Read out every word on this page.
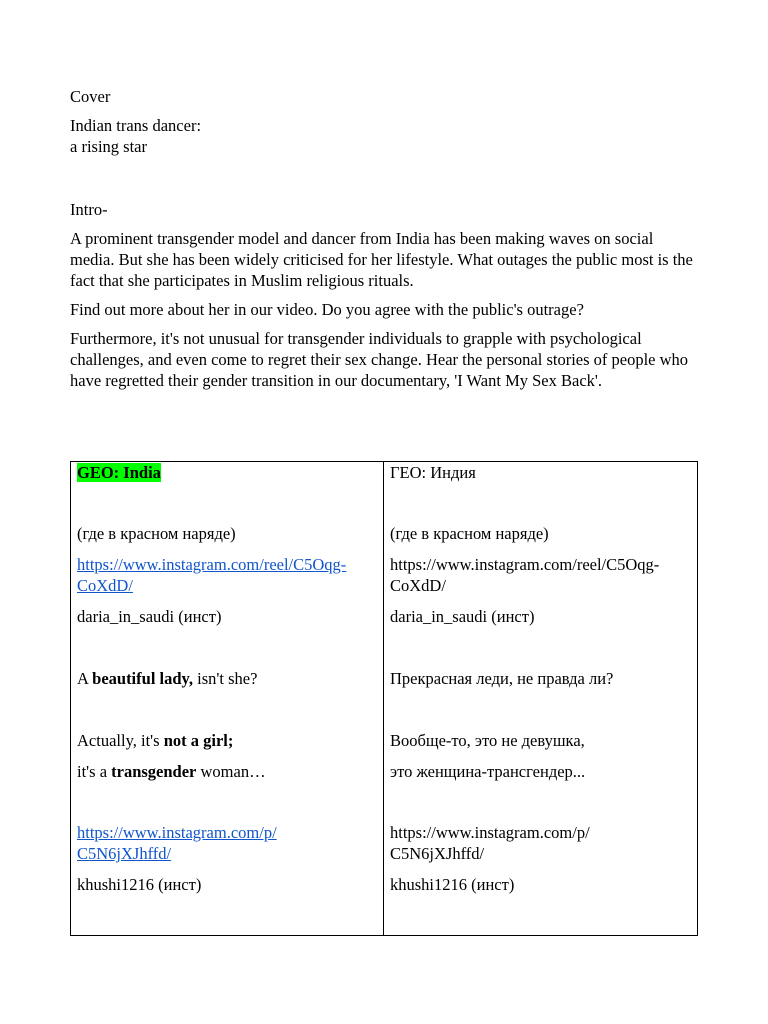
Cover

Indian trans dancer:

a rising star

Intro-

A prominent transgender model and dancer from India has been making waves on social media. But she has been widely criticised for her lifestyle. What outages the public most is the fact that she participates in Muslim religious rituals.

Find out more about her in our video. Do you agree with the public's outrage?

Furthermore, it's not unusual for transgender individuals to grapple with psychological challenges, and even come to regret their sex change. Hear the personal stories of people who have regretted their gender transition in our documentary, 'I Want My Sex Back'.

GEO: India
(где в красном наряде)
https://www.instagram.com/reel/C5Oqg-
CoXdD/
daria_in_saudi (инст)
A beautiful lady, isn't she?
Actually, it's not a girl;
it's a transgender woman…
https://www.instagram.com/p/
C5N6jXJhffd/
khushi1216 (инст)
ГЕО: Индия
(где в красном наряде)
https://www.instagram.com/reel/C5Oqg-
CoXdD/
daria_in_saudi (инст)
Прекрасная леди, не правда ли?
Вообще-то, это не девушка,
это женщина-трансгендер...
https://www.instagram.com/p/
C5N6jXJhffd/
khushi1216 (инст)
